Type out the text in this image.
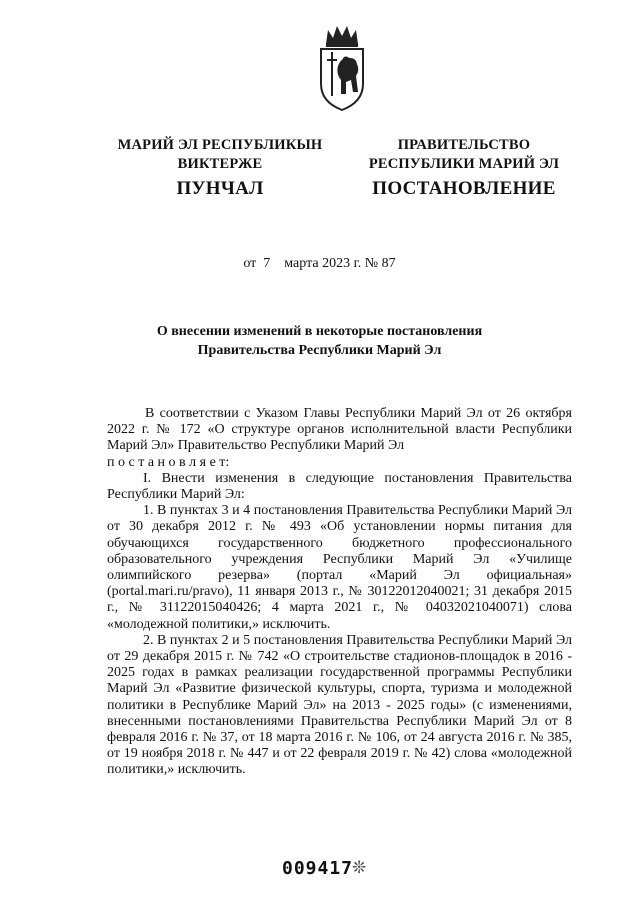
МАРИЙ ЭЛ РЕСПУБЛИКЫН
ВИКТЕРЖЕ
ПУНЧАЛ
ПРАВИТЕЛЬСТВО
РЕСПУБЛИКИ МАРИЙ ЭЛ
ПОСТАНОВЛЕНИЕ
от 7 марта 2023 г. № 87
О внесении изменений в некоторые постановления
Правительства Республики Марий Эл

В соответствии с Указом Главы Республики Марий Эл от 26 октября 2022 г. № 172 «О структуре органов исполнительной власти Республики Марий Эл» Правительство Республики Марий Эл

п о с т а н о в л я е т:

I. Внести изменения в следующие постановления Правительства Республики Марий Эл:

1. В пунктах 3 и 4 постановления Правительства Республики Марий Эл от 30 декабря 2012 г. № 493 «Об установлении нормы питания для обучающихся государственного бюджетного профессионального образовательного учреждения Республики Марий Эл «Училище олимпийского резерва» (портал «Марий Эл официальная» (portal.mari.ru/pravo), 11 января 2013 г., № 30122012040021; 31 декабря 2015 г., № 31122015040426; 4 марта 2021 г., № 04032021040071) слова «молодежной политики,» исключить.

2. В пунктах 2 и 5 постановления Правительства Республики Марий Эл от 29 декабря 2015 г. № 742 «О строительстве стадионов-площадок в 2016 - 2025 годах в рамках реализации государственной программы Республики Марий Эл «Развитие физической культуры, спорта, туризма и молодежной политики в Республике Марий Эл» на 2013 - 2025 годы» (с изменениями, внесенными постановлениями Правительства Республики Марий Эл от 8 февраля 2016 г. № 37, от 18 марта 2016 г. № 106, от 24 августа 2016 г. № 385, от 19 ноября 2018 г. № 447 и от 22 февраля 2019 г. № 42) слова «молодежной политики,» исключить.

009417
❊
